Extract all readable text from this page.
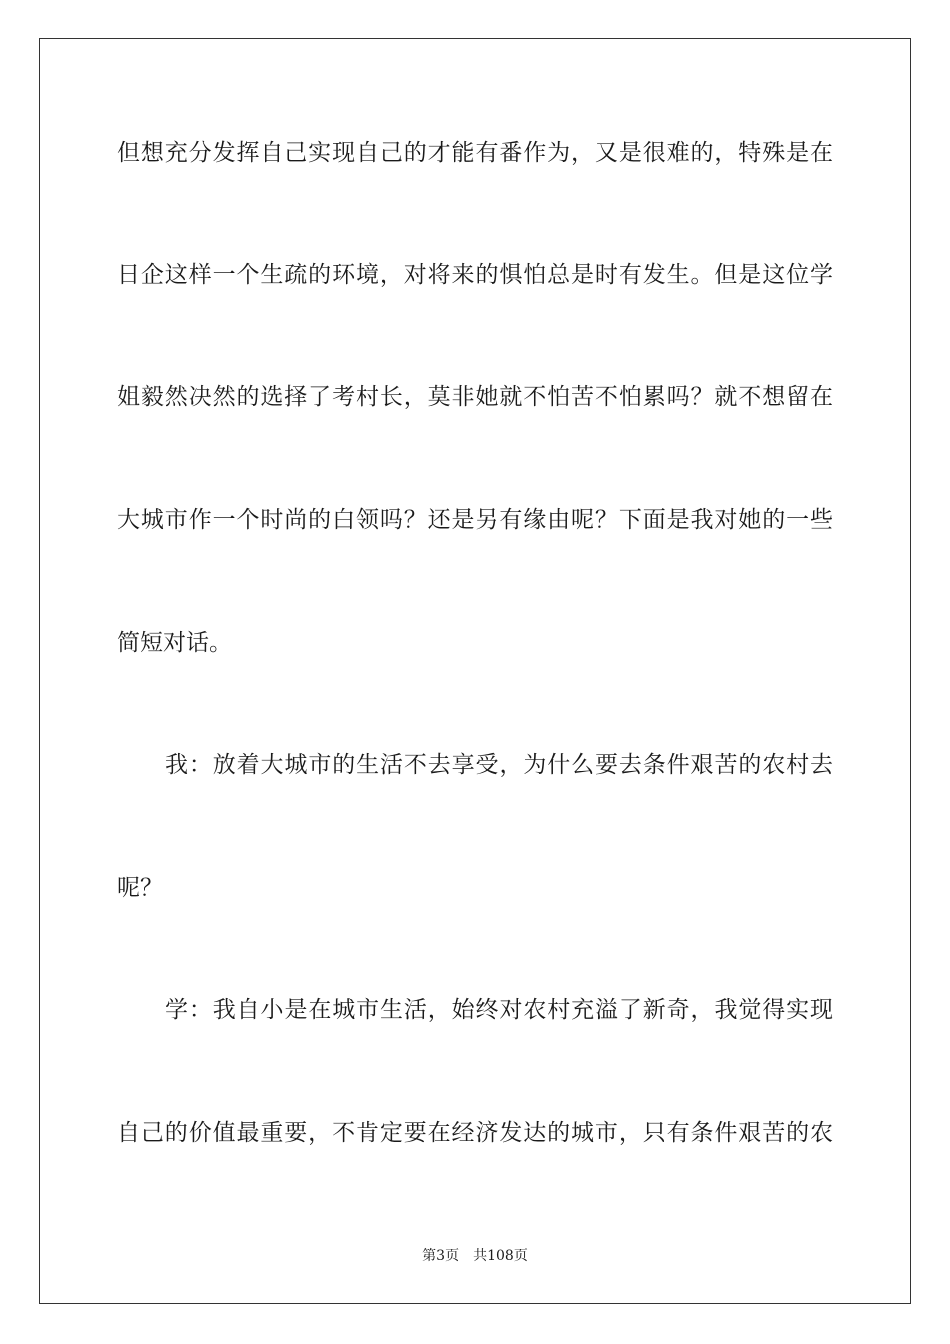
但想充分发挥自己实现自己的才能有番作为，又是很难的，特殊是在
日企这样一个生疏的环境，对将来的惧怕总是时有发生。但是这位学
姐毅然决然的选择了考村长，莫非她就不怕苦不怕累吗？就不想留在
大城市作一个时尚的白领吗？还是另有缘由呢？下面是我对她的一些
简短对话。
我：放着大城市的生活不去享受，为什么要去条件艰苦的农村去
呢？
学：我自小是在城市生活，始终对农村充溢了新奇，我觉得实现
自己的价值最重要，不肯定要在经济发达的城市，只有条件艰苦的农
第3页 共108页
